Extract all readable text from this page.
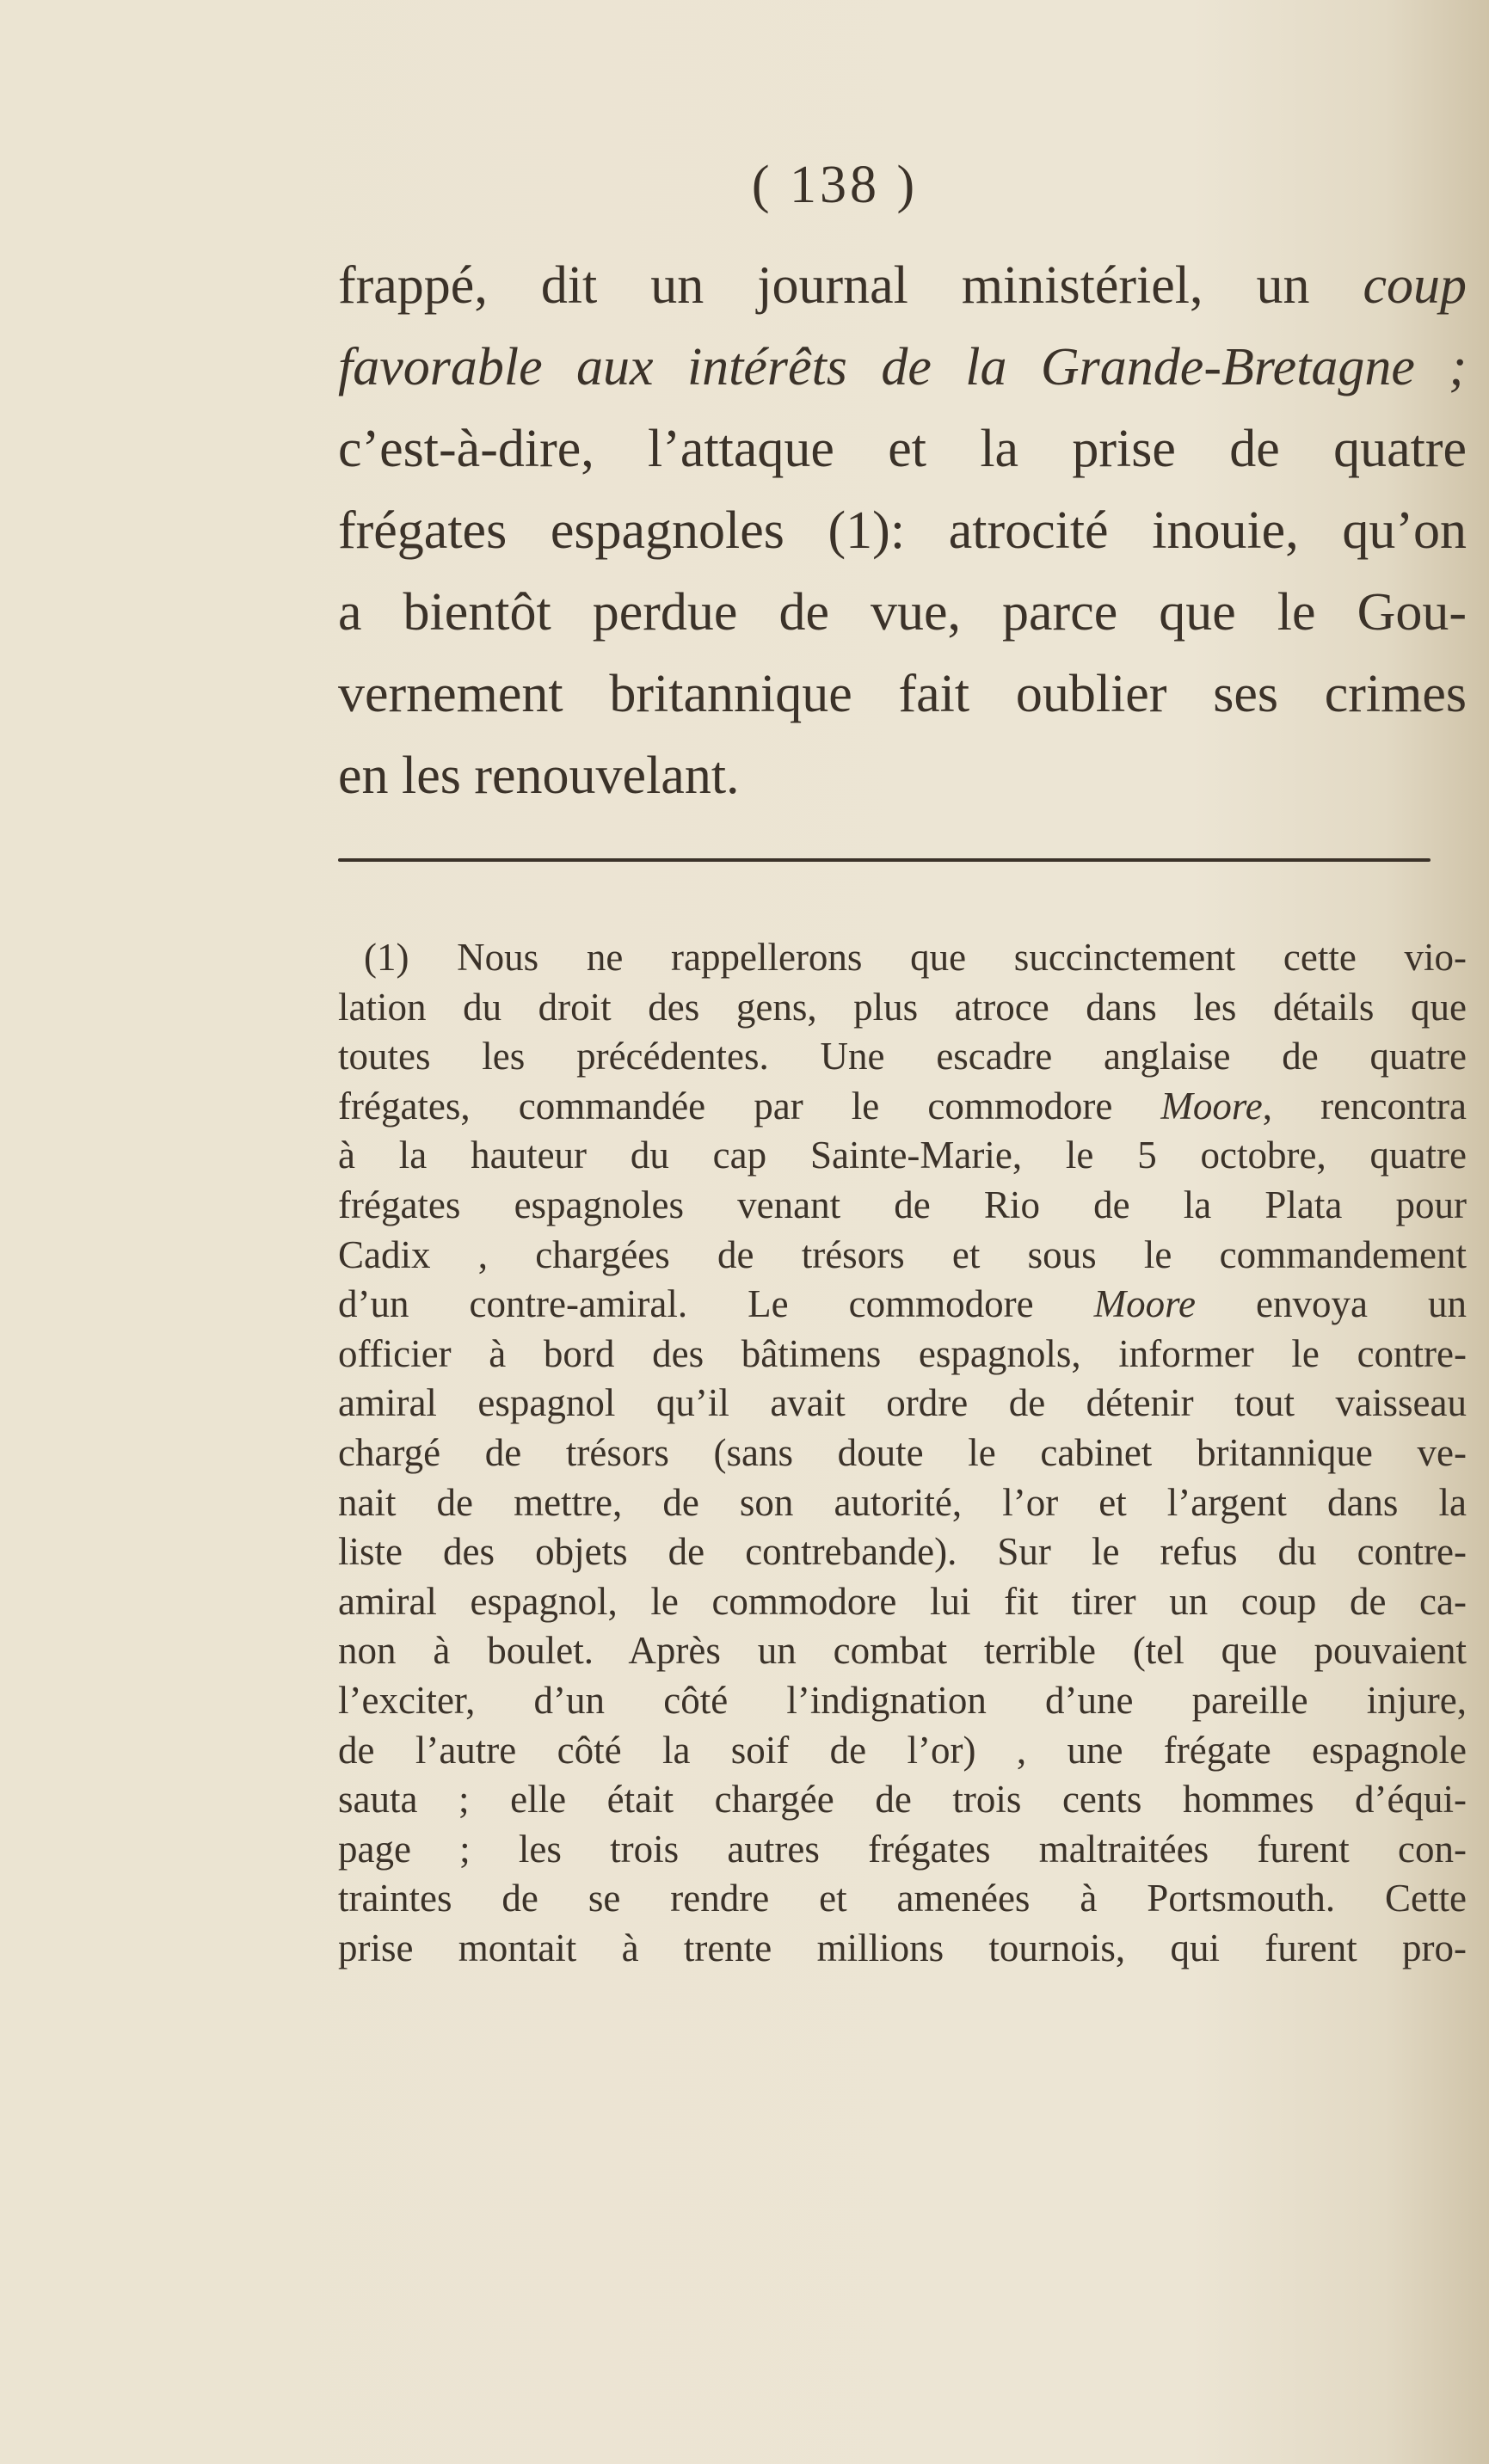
( 138 )
frappé, dit un journal ministériel, un coup
favorable aux intérêts de la Grande-Bretagne ;
c’est-à-dire, l’attaque et la prise de quatre
frégates espagnoles (1): atrocité inouie, qu’on
a bientôt perdue de vue, parce que le Gou-
vernement britannique fait oublier ses crimes
en les renouvelant.
(1) Nous ne rappellerons que succinctement cette vio-
lation du droit des gens, plus atroce dans les détails que
toutes les précédentes. Une escadre anglaise de quatre
frégates, commandée par le commodore Moore, rencontra
à la hauteur du cap Sainte-Marie, le 5 octobre, quatre
frégates espagnoles venant de Rio de la Plata pour
Cadix , chargées de trésors et sous le commandement
d’un contre-amiral. Le commodore Moore envoya un
officier à bord des bâtimens espagnols, informer le contre-
amiral espagnol qu’il avait ordre de détenir tout vaisseau
chargé de trésors (sans doute le cabinet britannique ve-
nait de mettre, de son autorité, l’or et l’argent dans la
liste des objets de contrebande). Sur le refus du contre-
amiral espagnol, le commodore lui fit tirer un coup de ca-
non à boulet. Après un combat terrible (tel que pouvaient
l’exciter, d’un côté l’indignation d’une pareille injure,
de l’autre côté la soif de l’or) , une frégate espagnole
sauta ; elle était chargée de trois cents hommes d’équi-
page ; les trois autres frégates maltraitées furent con-
traintes de se rendre et amenées à Portsmouth. Cette
prise montait à trente millions tournois, qui furent pro-
